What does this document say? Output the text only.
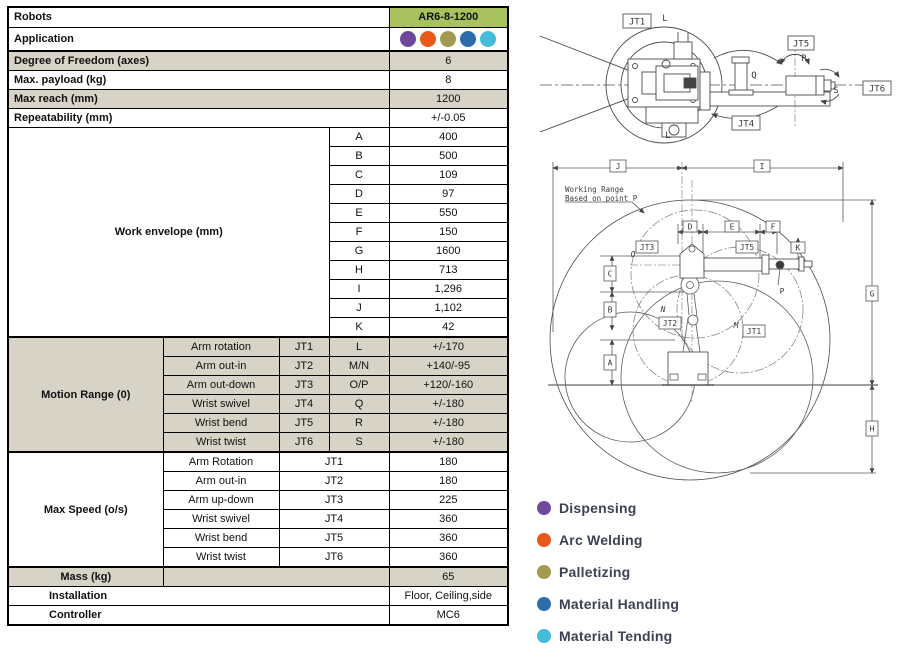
Robots				AR6-8-1200
Application				
Degree of Freedom (axes)				6
Max. payload (kg)				8
Max reach (mm)				1200
Repeatability (mm)				+/-0.05
Work envelope (mm)			A	400
			B	500
			C	109
			D	97
			E	550
			F	150
			G	1600
			H	713
			I	1,296
			J	1,102
			K	42
Motion Range (0)	Arm rotation	JT1	L	+/-170
	Arm out-in	JT2	M/N	+140/-95
	Arm out-down	JT3	O/P	+120/-160
	Wrist swivel	JT4	Q	+/-180
	Wrist bend	JT5	R	+/-180
	Wrist twist	JT6	S	+/-180
Max Speed (o/s)	Arm Rotation	JT1		180
	Arm out-in	JT2		180
	Arm up-down	JT3		225
	Wrist swivel	JT4		360
	Wrist bend	JT5		360
	Wrist twist	JT6		360
Mass (kg)				65
Installation				Floor, Ceiling,side
Controller				MC6
JT1 L
L
JT4
Q
JT5
R
JT6
S
J	I
D	E	F
K
C
B
A
G
H
JT3	JT5
JT2
JT1
P
O
N
M
Working Range
Based on point P
Dispensing
Arc Welding
Palletizing
Material Handling
Material Tending
